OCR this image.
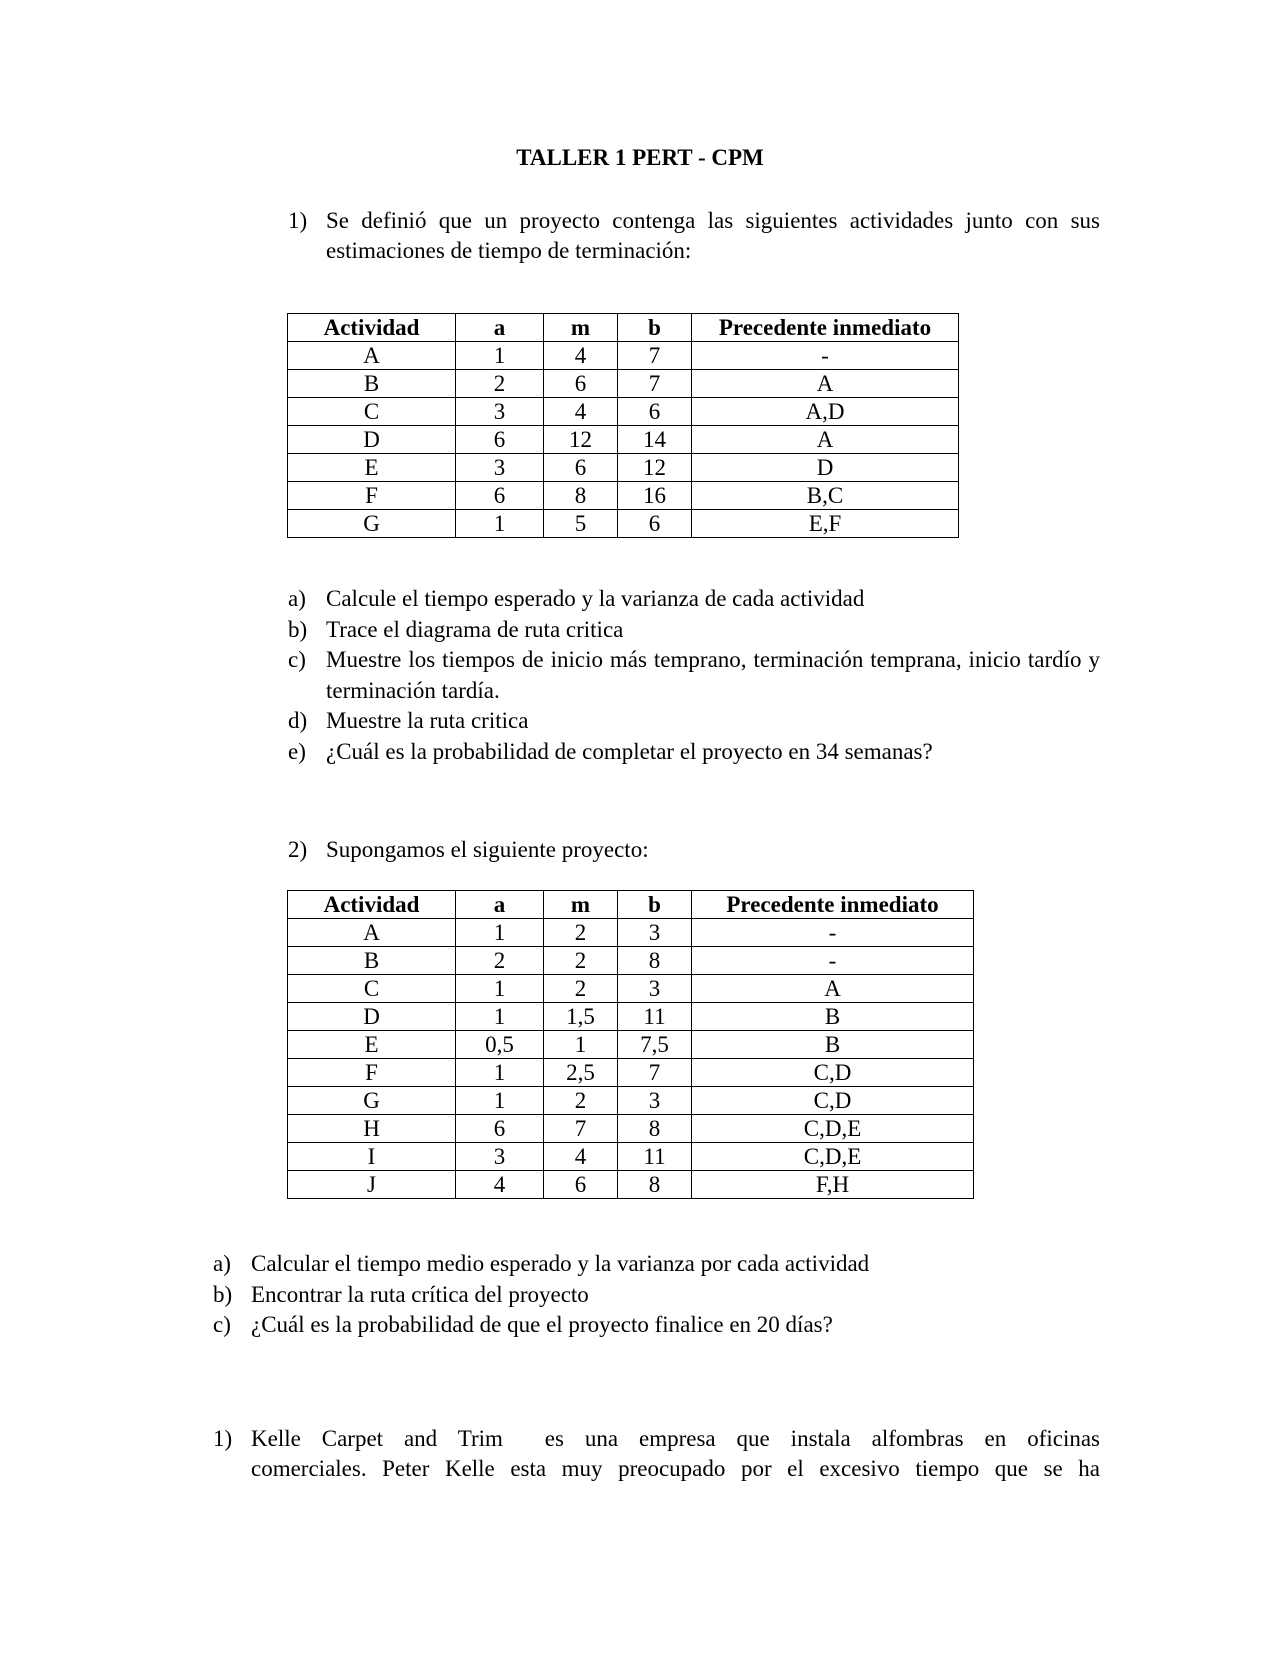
TALLER 1 PERT - CPM
1) Se definió que un proyecto contenga las siguientes actividades junto con sus estimaciones de tiempo de terminación:
Actividad	a	m	b	Precedente inmediato
A	1	4	7	-
B	2	6	7	A
C	3	4	6	A,D
D	6	12	14	A
E	3	6	12	D
F	6	8	16	B,C
G	1	5	6	E,F
a) Calcule el tiempo esperado y la varianza de cada actividad
b) Trace el diagrama de ruta critica
c) Muestre los tiempos de inicio más temprano, terminación temprana, inicio tardío y terminación tardía.
d) Muestre la ruta critica
e) ¿Cuál es la probabilidad de completar el proyecto en 34 semanas?
2) Supongamos el siguiente proyecto:
Actividad	a	m	b	Precedente inmediato
A	1	2	3	-
B	2	2	8	-
C	1	2	3	A
D	1	1,5	11	B
E	0,5	1	7,5	B
F	1	2,5	7	C,D
G	1	2	3	C,D
H	6	7	8	C,D,E
I	3	4	11	C,D,E
J	4	6	8	F,H
a) Calcular el tiempo medio esperado y la varianza por cada actividad
b) Encontrar la ruta crítica del proyecto
c) ¿Cuál es la probabilidad de que el proyecto finalice en 20 días?
1) Kelle Carpet and Trim  es una empresa que instala alfombras en oficinas
comerciales. Peter Kelle esta muy preocupado por el excesivo tiempo que se ha
